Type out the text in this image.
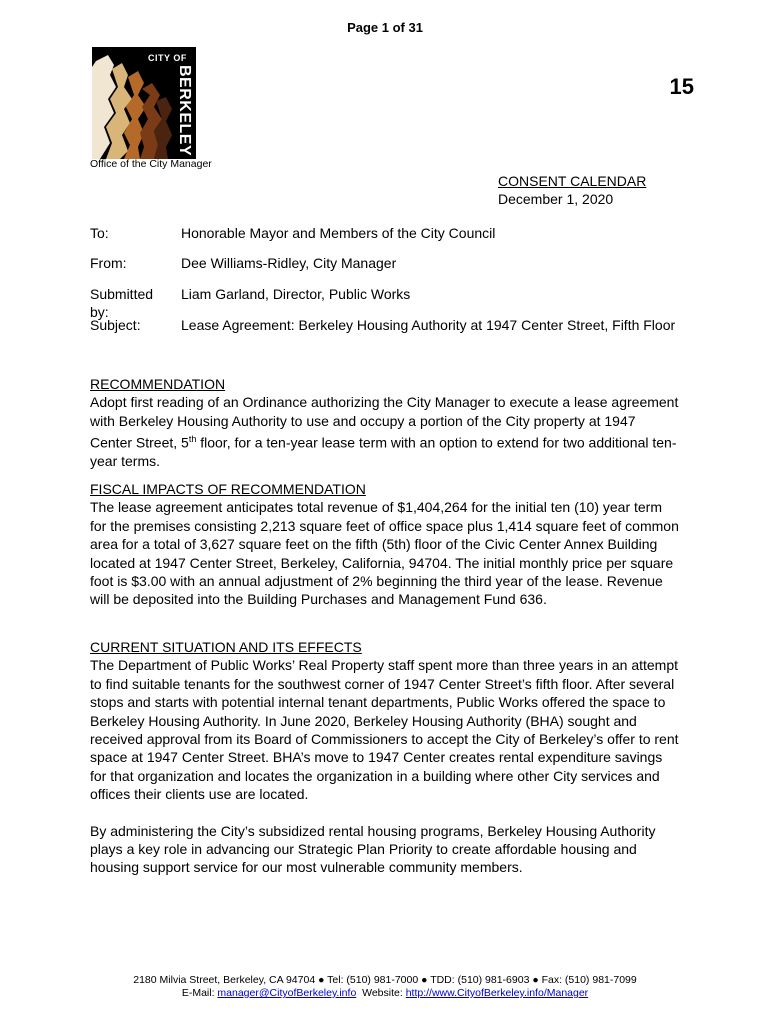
Page 1 of 31
CITY OF
BERKELEY
Office of the City Manager
15
CONSENT CALENDAR
December 1, 2020
To:	Honorable Mayor and Members of the City Council
From:	Dee Williams-Ridley, City Manager
Submitted by:
Liam Garland, Director, Public Works
Subject:	Lease Agreement: Berkeley Housing Authority at 1947 Center Street, Fifth Floor

RECOMMENDATION

Adopt first reading of an Ordinance authorizing the City Manager to execute a lease agreement with Berkeley Housing Authority to use and occupy a portion of the City property at 1947 Center Street, 5th floor, for a ten-year lease term with an option to extend for two additional ten-year terms.

FISCAL IMPACTS OF RECOMMENDATION

The lease agreement anticipates total revenue of $1,404,264 for the initial ten (10) year term for the premises consisting 2,213 square feet of office space plus 1,414 square feet of common area for a total of 3,627 square feet on the fifth (5th) floor of the Civic Center Annex Building located at 1947 Center Street, Berkeley, California, 94704. The initial monthly price per square foot is $3.00 with an annual adjustment of 2% beginning the third year of the lease. Revenue will be deposited into the Building Purchases and Management Fund 636.

CURRENT SITUATION AND ITS EFFECTS

The Department of Public Works’ Real Property staff spent more than three years in an attempt to find suitable tenants for the southwest corner of 1947 Center Street’s fifth floor. After several stops and starts with potential internal tenant departments, Public Works offered the space to Berkeley Housing Authority. In June 2020, Berkeley Housing Authority (BHA) sought and received approval from its Board of Commissioners to accept the City of Berkeley’s offer to rent space at 1947 Center Street. BHA’s move to 1947 Center creates rental expenditure savings for that organization and locates the organization in a building where other City services and offices their clients use are located.

By administering the City’s subsidized rental housing programs, Berkeley Housing Authority plays a key role in advancing our Strategic Plan Priority to create affordable housing and housing support service for our most vulnerable community members.

2180 Milvia Street, Berkeley, CA 94704 ● Tel: (510) 981-7000 ● TDD: (510) 981-6903 ● Fax: (510) 981-7099
E-Mail: manager@CityofBerkeley.info  Website: http://www.CityofBerkeley.info/Manager
